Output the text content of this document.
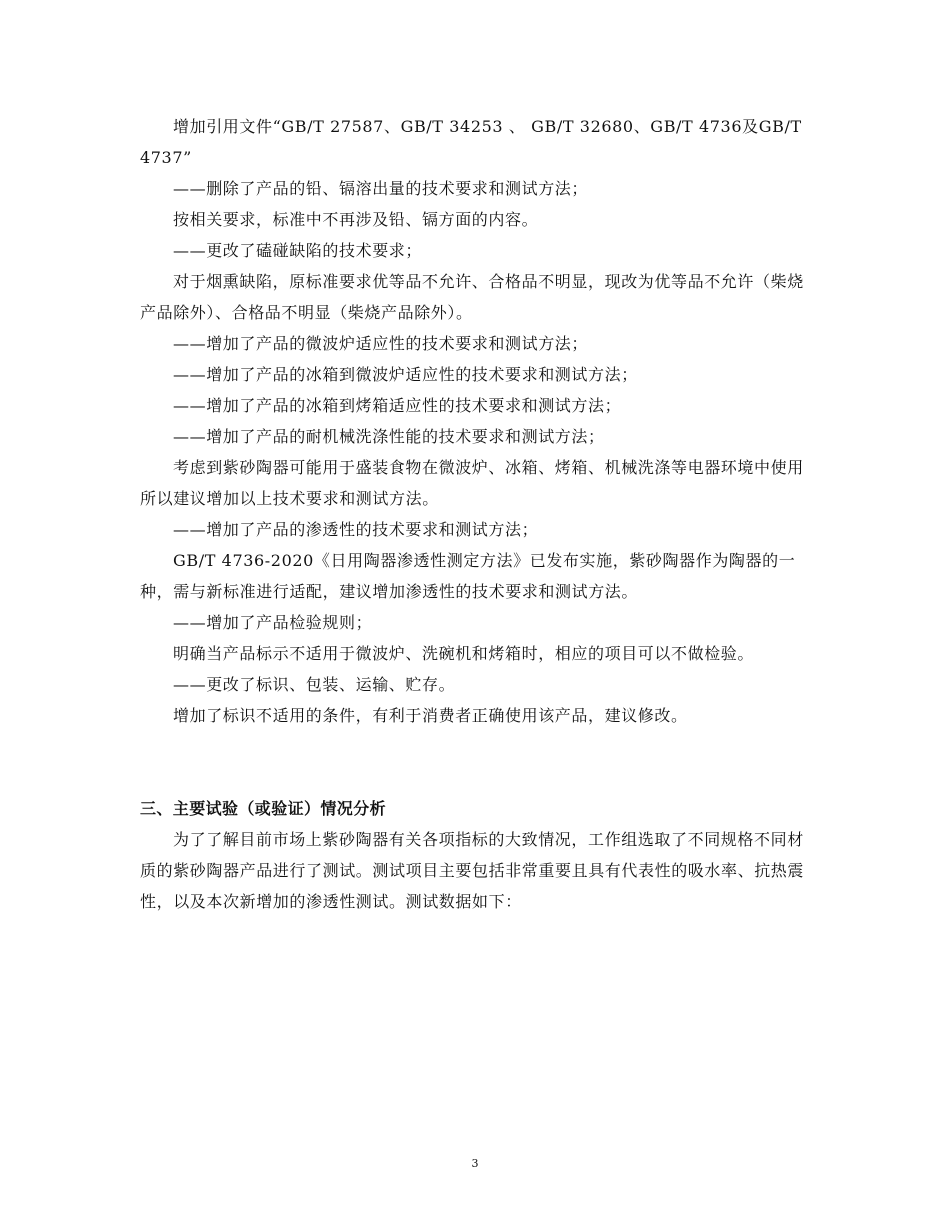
增加引用文件“GB/T 27587、GB/T 34253 、 GB/T 32680、GB/T 4736及GB/T 4737”

——删除了产品的铅、镉溶出量的技术要求和测试方法；

按相关要求，标准中不再涉及铅、镉方面的内容。

——更改了磕碰缺陷的技术要求；

对于烟熏缺陷，原标准要求优等品不允许、合格品不明显，现改为优等品不允许（柴烧产品除外）、合格品不明显（柴烧产品除外）。

——增加了产品的微波炉适应性的技术要求和测试方法；

——增加了产品的冰箱到微波炉适应性的技术要求和测试方法；

——增加了产品的冰箱到烤箱适应性的技术要求和测试方法；

——增加了产品的耐机械洗涤性能的技术要求和测试方法；

考虑到紫砂陶器可能用于盛装食物在微波炉、冰箱、烤箱、机械洗涤等电器环境中使用所以建议增加以上技术要求和测试方法。

——增加了产品的渗透性的技术要求和测试方法；

GB/T 4736-2020《日用陶器渗透性测定方法》已发布实施，紫砂陶器作为陶器的一种，需与新标准进行适配，建议增加渗透性的技术要求和测试方法。

——增加了产品检验规则；

明确当产品标示不适用于微波炉、洗碗机和烤箱时，相应的项目可以不做检验。

——更改了标识、包装、运输、贮存。

增加了标识不适用的条件，有利于消费者正确使用该产品，建议修改。

三、主要试验（或验证）情况分析

为了了解目前市场上紫砂陶器有关各项指标的大致情况，工作组选取了不同规格不同材质的紫砂陶器产品进行了测试。测试项目主要包括非常重要且具有代表性的吸水率、抗热震性，以及本次新增加的渗透性测试。测试数据如下：

3
